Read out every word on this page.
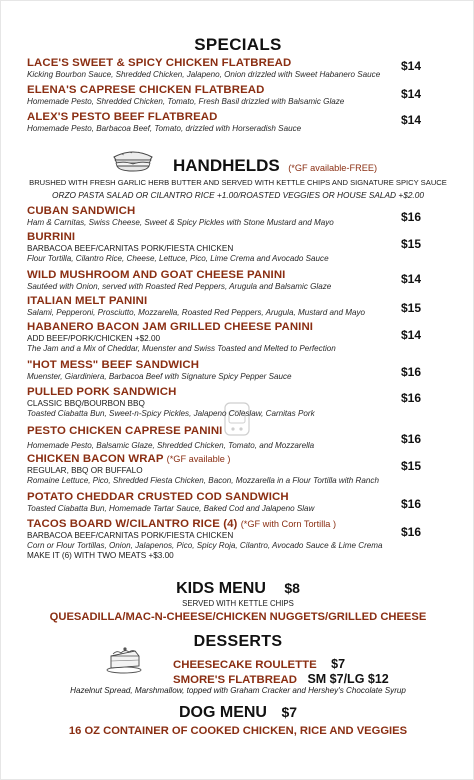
SPECIALS
LACE'S SWEET & SPICY CHICKEN FLATBREAD
Kicking Bourbon Sauce, Shredded Chicken, Jalapeno, Onion drizzled with Sweet Habanero Sauce
$14
ELENA'S CAPRESE CHICKEN FLATBREAD
Homemade Pesto, Shredded Chicken, Tomato, Fresh Basil drizzled with Balsamic Glaze
$14
ALEX'S PESTO BEEF FLATBREAD
Homemade Pesto, Barbacoa Beef, Tomato, drizzled with Horseradish Sauce
$14
HANDHELDS (*GF available-FREE)
BRUSHED WITH FRESH GARLIC HERB BUTTER AND SERVED WITH KETTLE CHIPS AND SIGNATURE SPICY SAUCE
ORZO PASTA SALAD OR CILANTRO RICE +1.00/ROASTED VEGGIES OR HOUSE SALAD +$2.00
CUBAN SANDWICH
Ham & Carnitas, Swiss Cheese, Sweet & Spicy Pickles with Stone Mustard and Mayo	$16
BURRINI
BARBACOA BEEF/CARNITAS PORK/FIESTA CHICKEN
Flour Tortilla, Cilantro Rice, Cheese, Lettuce, Pico, Lime Crema and Avocado Sauce
$15
WILD MUSHROOM AND GOAT CHEESE PANINI
Sautéed with Onion, served with Roasted Red Peppers, Arugula and Balsamic Glaze
$14
ITALIAN MELT PANINI
Salami, Pepperoni, Prosciutto, Mozzarella, Roasted Red Peppers, Arugula, Mustard and Mayo	$15
HABANERO BACON JAM GRILLED CHEESE PANINI
ADD BEEF/PORK/CHICKEN +$2.00
The Jam and a Mix of Cheddar, Muenster and Swiss Toasted and Melted to Perfection
$14
"HOT MESS" BEEF SANDWICH
Muenster, Giardiniera, Barbacoa Beef with Signature Spicy Pepper Sauce	$16
PULLED PORK SANDWICH
CLASSIC BBQ/BOURBON BBQ
Toasted Ciabatta Bun, Sweet-n-Spicy Pickles, Jalapeno Coleslaw, Carnitas Pork
$16
PESTO CHICKEN CAPRESE PANINI
Homemade Pesto, Balsamic Glaze, Shredded Chicken, Tomato, and Mozzarella	$16
CHICKEN BACON WRAP (*GF available )
REGULAR, BBQ OR BUFFALO
Romaine Lettuce, Pico, Shredded Fiesta Chicken, Bacon, Mozzarella in a Flour Tortilla with Ranch
$15
POTATO CHEDDAR CRUSTED COD SANDWICH
Toasted Ciabatta Bun, Homemade Tartar Sauce, Baked Cod and Jalapeno Slaw	$16
TACOS BOARD W/CILANTRO RICE (4) (*GF with Corn Tortilla )
BARBACOA BEEF/CARNITAS PORK/FIESTA CHICKEN
Corn or Flour Tortillas, Onion, Jalapenos, Pico, Spicy Roja, Cilantro, Avocado Sauce & Lime Crema
MAKE IT (6) WITH TWO MEATS +$3.00
$16
KIDS MENU $8
SERVED WITH KETTLE CHIPS
QUESADILLA/MAC-N-CHEESE/CHICKEN NUGGETS/GRILLED CHEESE
DESSERTS
CHEESECAKE ROULETTE $7
SMORE'S FLATBREAD SM $7/LG $12
Hazelnut Spread, Marshmallow, topped with Graham Cracker and Hershey's Chocolate Syrup
DOG MENU $7
16 OZ CONTAINER OF COOKED CHICKEN, RICE AND VEGGIES
